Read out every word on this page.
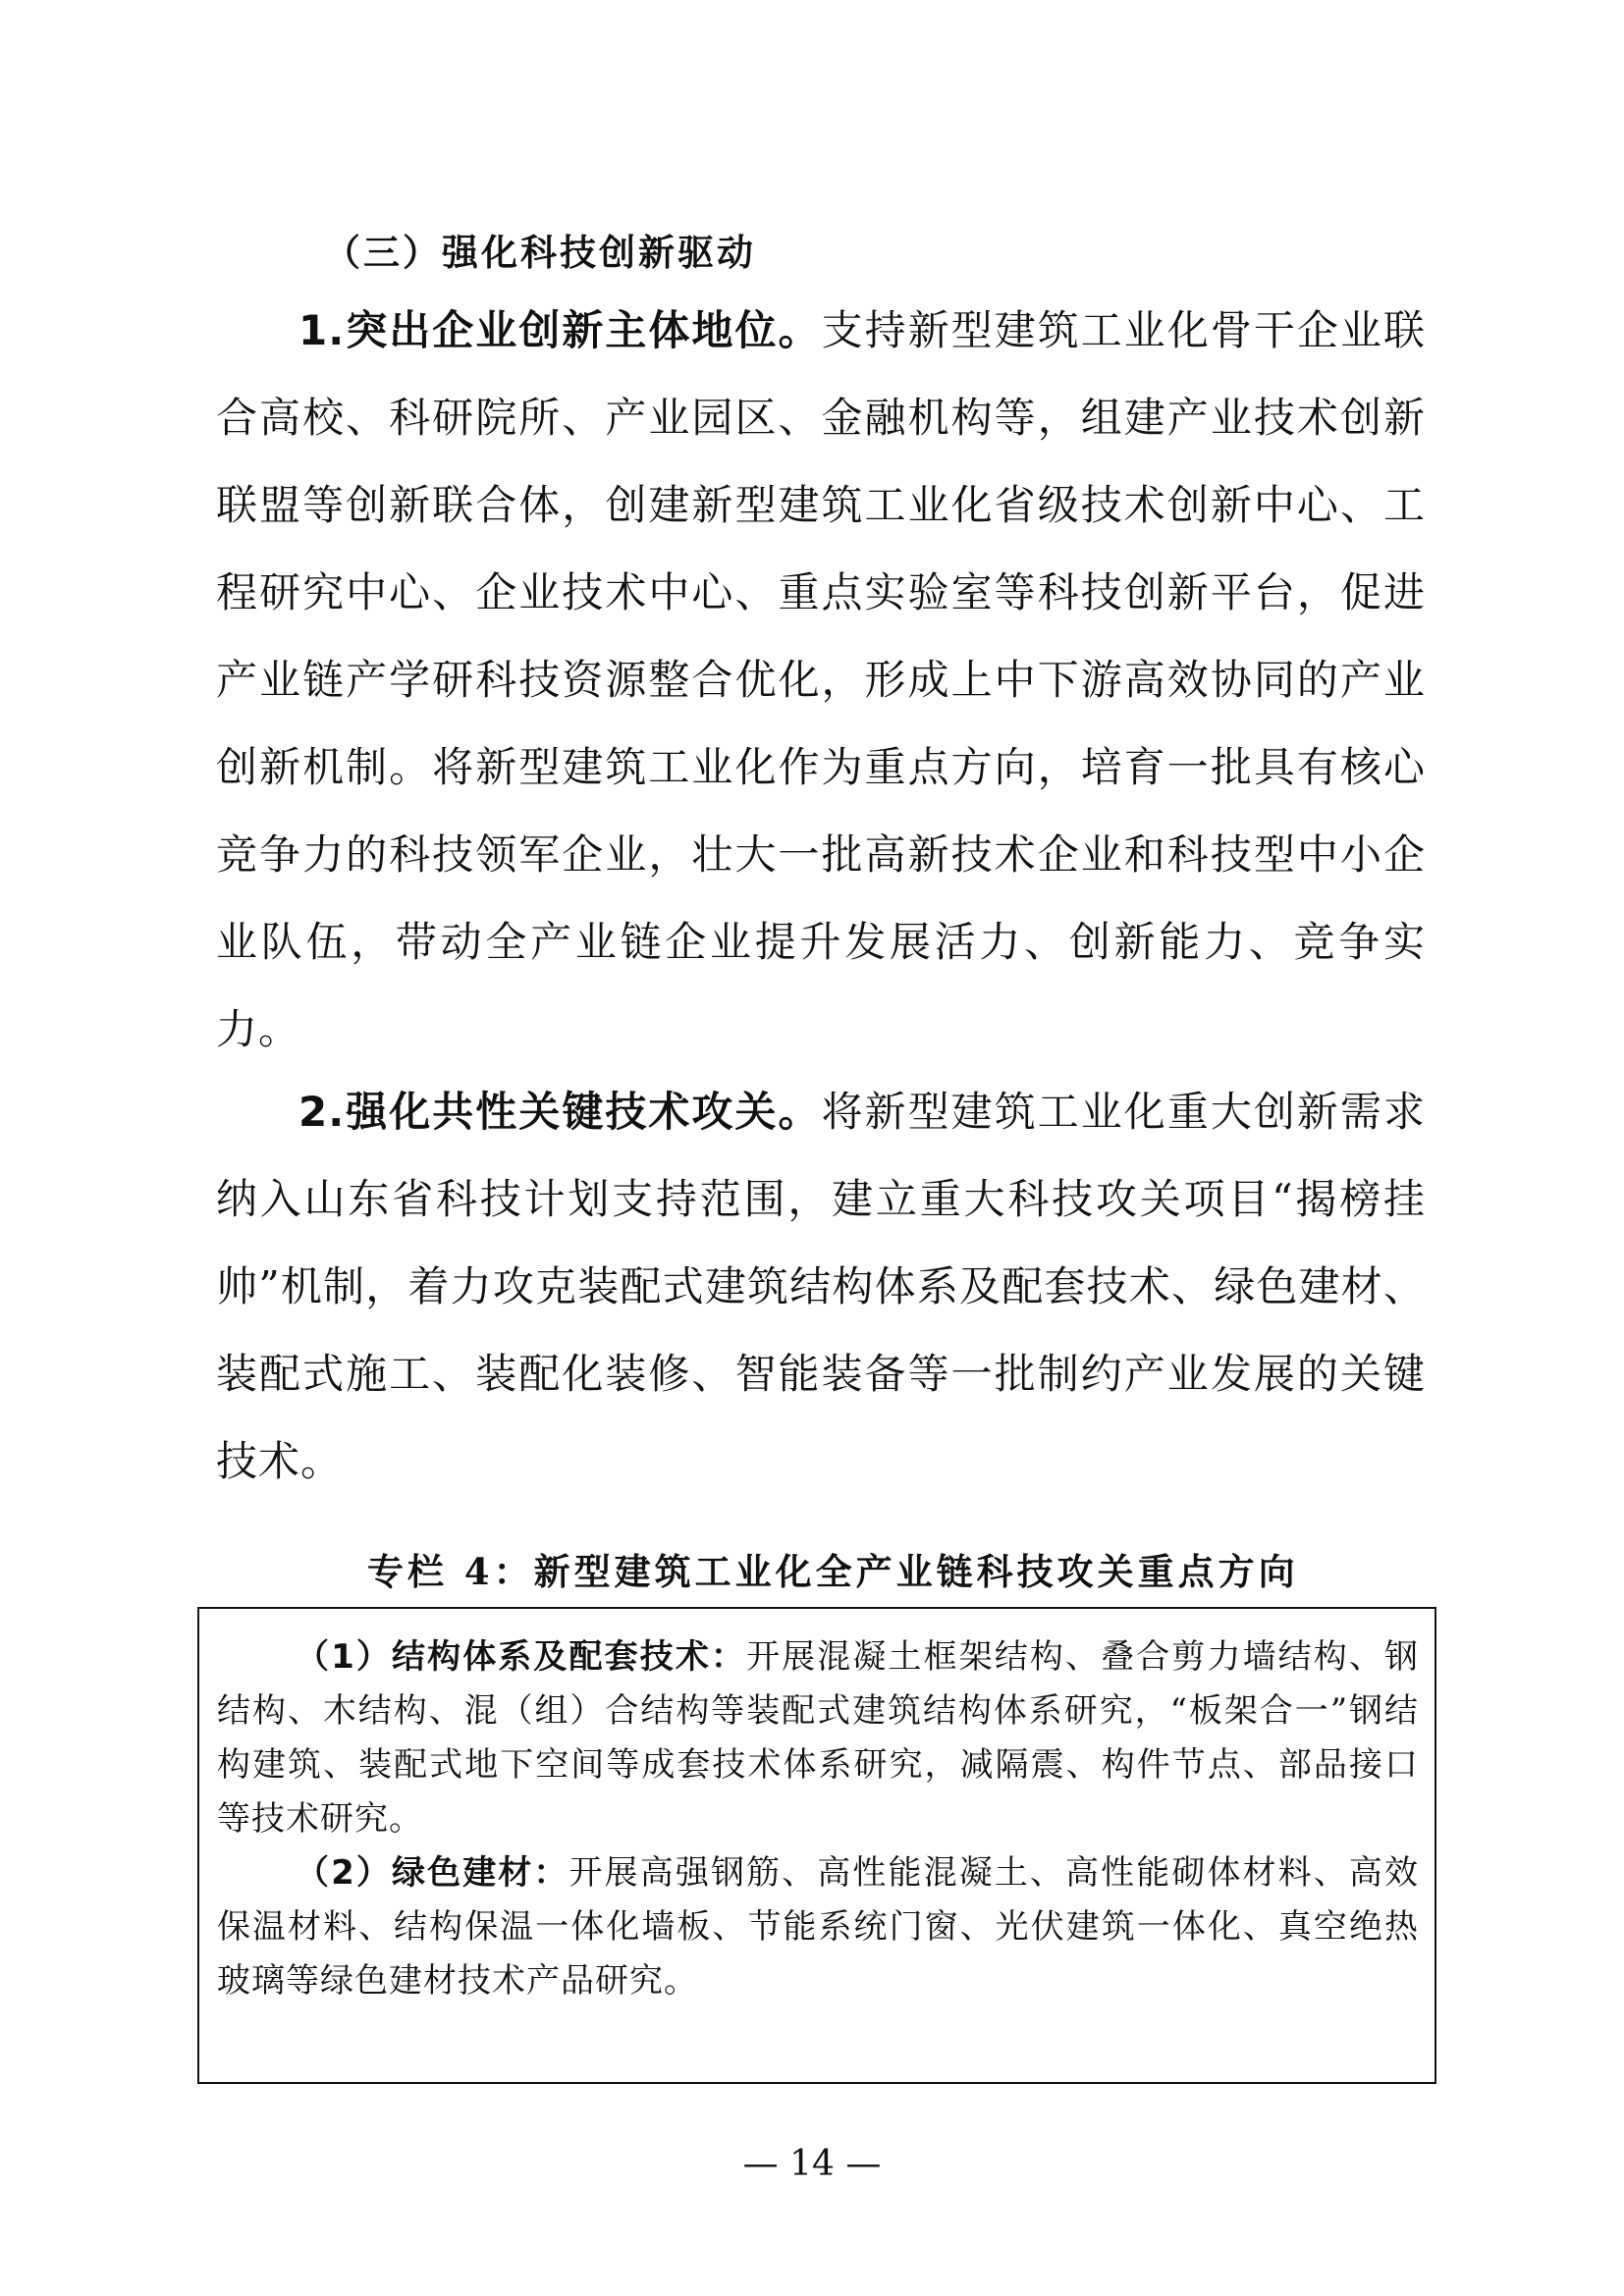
（三）强化科技创新驱动

1.突出企业创新主体地位。支持新型建筑工业化骨干企业联合高校、科研院所、产业园区、金融机构等，组建产业技术创新联盟等创新联合体，创建新型建筑工业化省级技术创新中心、工程研究中心、企业技术中心、重点实验室等科技创新平台，促进产业链产学研科技资源整合优化，形成上中下游高效协同的产业创新机制。将新型建筑工业化作为重点方向，培育一批具有核心竞争力的科技领军企业，壮大一批高新技术企业和科技型中小企业队伍，带动全产业链企业提升发展活力、创新能力、竞争实力。

2.强化共性关键技术攻关。将新型建筑工业化重大创新需求纳入山东省科技计划支持范围，建立重大科技攻关项目“揭榜挂帅”机制，着力攻克装配式建筑结构体系及配套技术、绿色建材、装配式施工、装配化装修、智能装备等一批制约产业发展的关键技术。

专栏 4：新型建筑工业化全产业链科技攻关重点方向

（1）结构体系及配套技术：开展混凝土框架结构、叠合剪力墙结构、钢结构、木结构、混（组）合结构等装配式建筑结构体系研究，“板架合一”钢结构建筑、装配式地下空间等成套技术体系研究，减隔震、构件节点、部品接口等技术研究。

（2）绿色建材：开展高强钢筋、高性能混凝土、高性能砌体材料、高效保温材料、结构保温一体化墙板、节能系统门窗、光伏建筑一体化、真空绝热玻璃等绿色建材技术产品研究。

— 14 —
